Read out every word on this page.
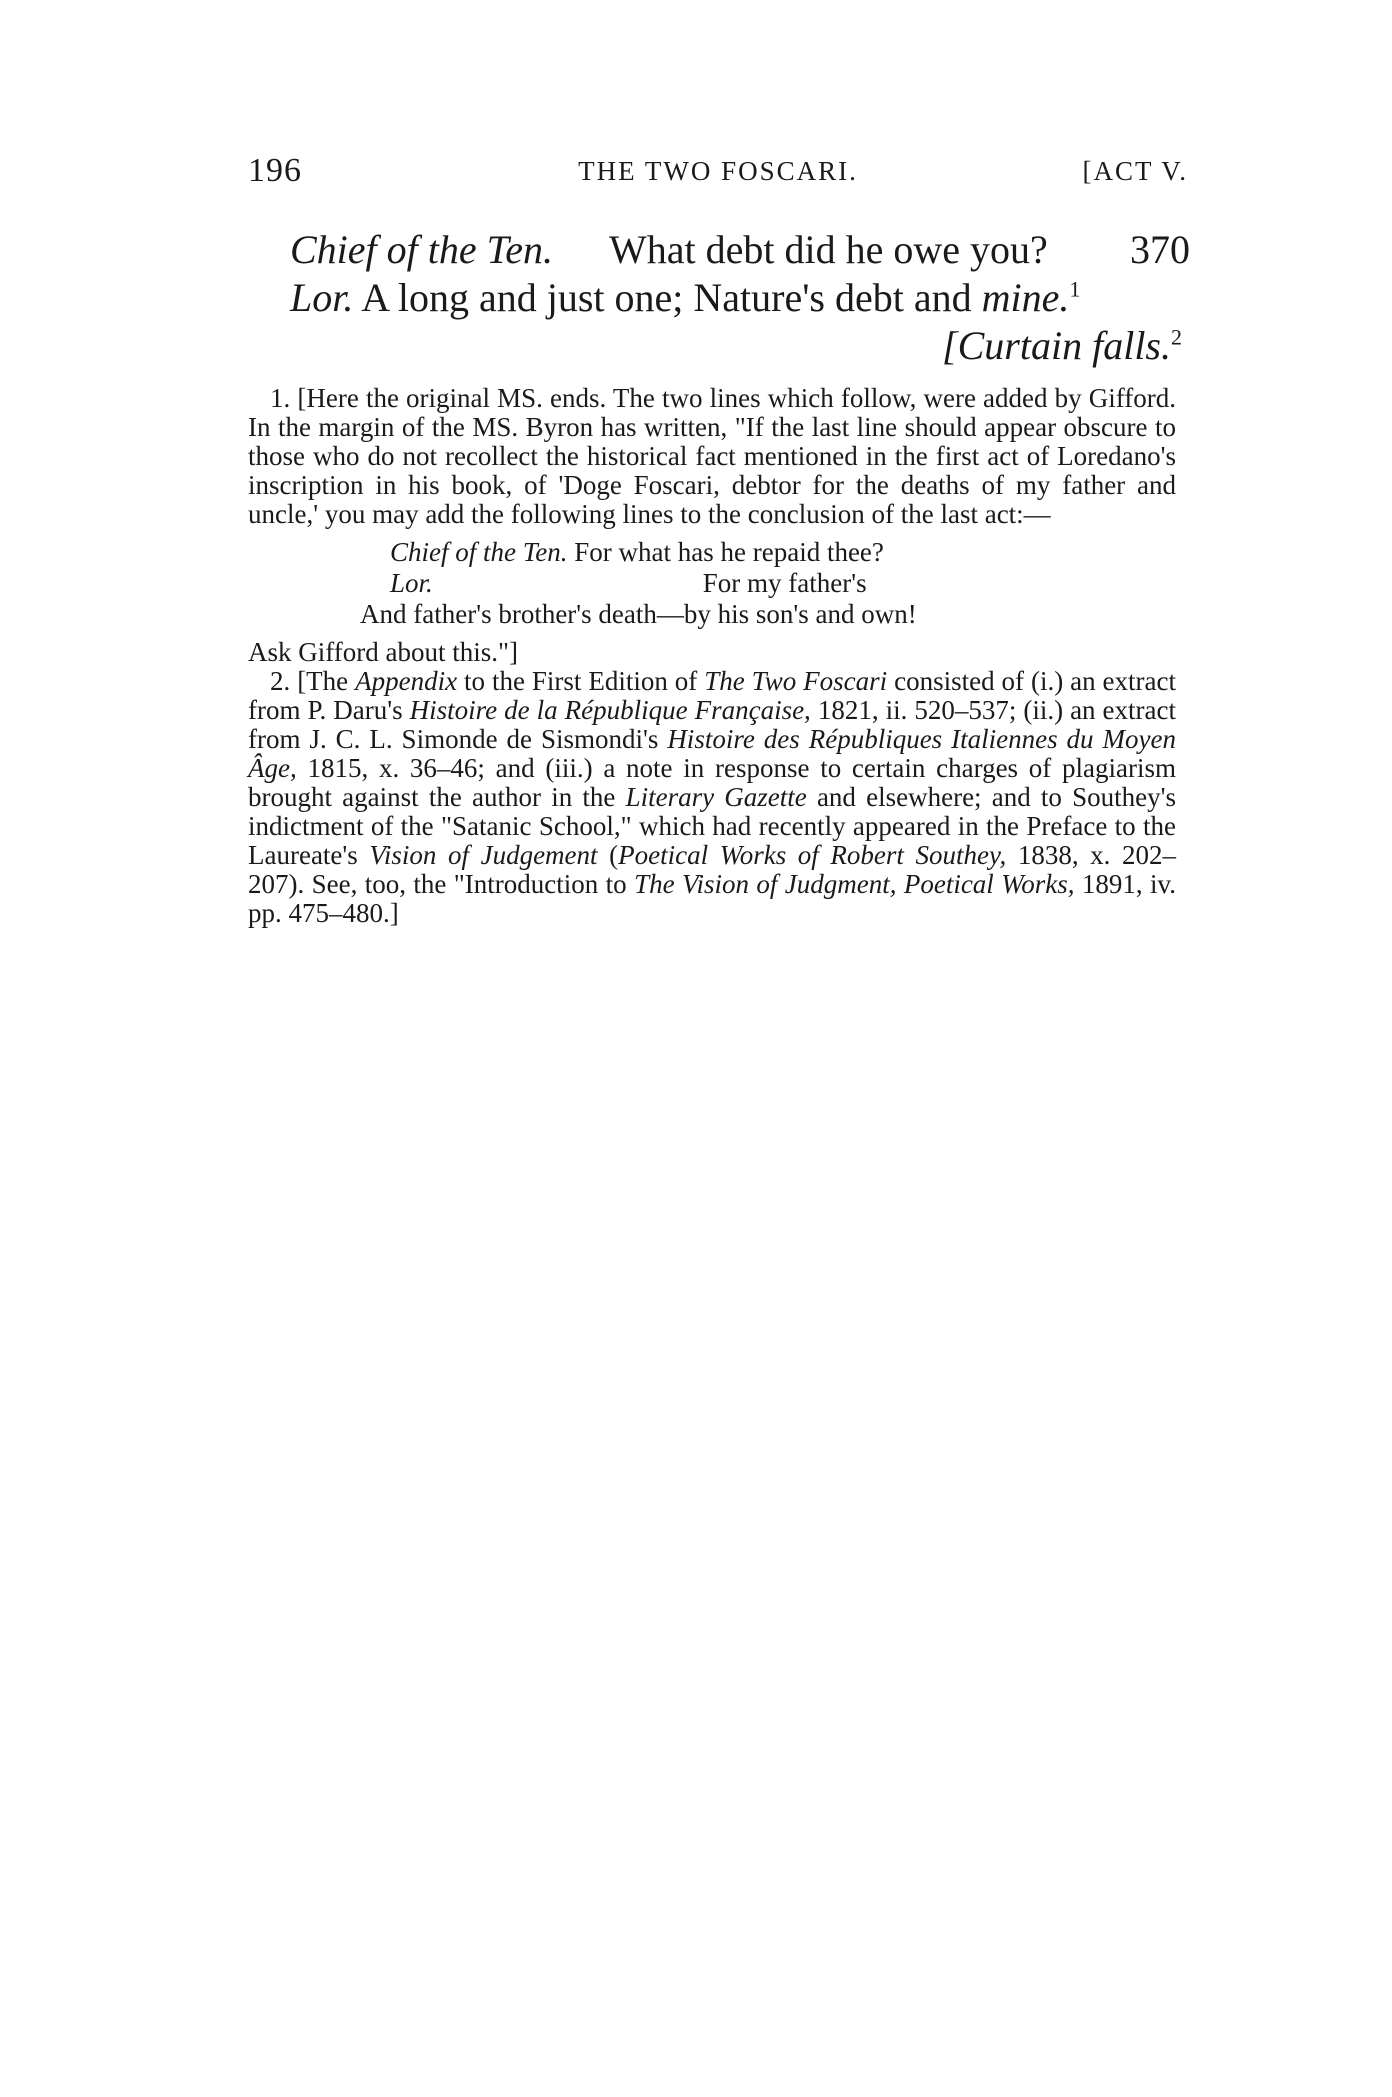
196	THE TWO FOSCARI.	[ACT V.
Chief of the Ten. What debt did he owe you? 370
Lor. A long and just one; Nature's debt and mine.$^1$
[Curtain falls.$^2$

1. [Here the original MS. ends. The two lines which follow, were added by Gifford. In the margin of the MS. Byron has written, "If the last line should appear obscure to those who do not recollect the historical fact mentioned in the first act of Loredano's inscription in his book, of 'Doge Foscari, debtor for the deaths of my father and uncle,' you may add the following lines to the conclusion of the last act:—

Chief of the Ten. For what has he repaid thee?
Lor.	For my father's
And father's brother's death—by his son's and own!

Ask Gifford about this."]

2. [The Appendix to the First Edition of The Two Foscari consisted of (i.) an extract from P. Daru's Histoire de la République Française, 1821, ii. 520–537; (ii.) an extract from J. C. L. Simonde de Sismondi's Histoire des Républiques Italiennes du Moyen Âge, 1815, x. 36–46; and (iii.) a note in response to certain charges of plagiarism brought against the author in the Literary Gazette and elsewhere; and to Southey's indictment of the "Satanic School," which had recently appeared in the Preface to the Laureate's Vision of Judgement (Poetical Works of Robert Southey, 1838, x. 202–207). See, too, the "Introduction to The Vision of Judgment, Poetical Works, 1891, iv. pp. 475–480.]
